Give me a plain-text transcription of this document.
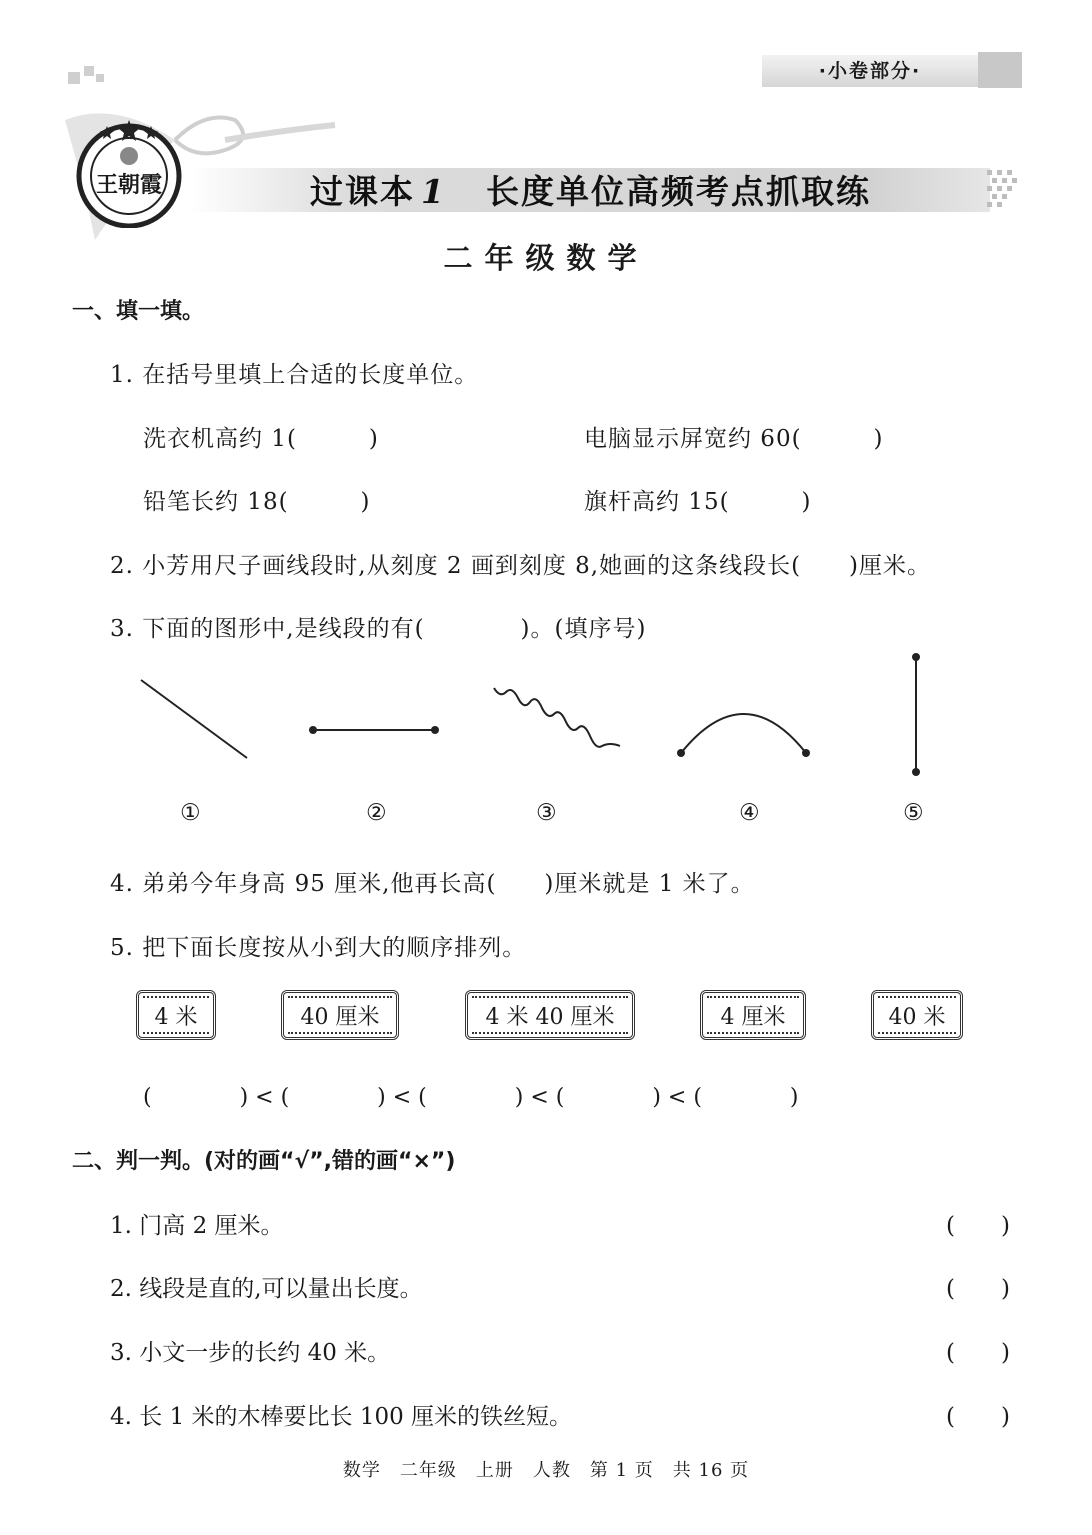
·小卷部分·
王朝霞	过课本 1 长度单位高频考点抓取练
二年级数学
一、填一填。
1. 在括号里填上合适的长度单位。
洗衣机高约 1(　　　)	电脑显示屏宽约 60(　　　)
铅笔长约 18(　　　)	旗杆高约 15(　　　)
2. 小芳用尺子画线段时,从刻度 2 画到刻度 8,她画的这条线段长(　　)厘米。
3. 下面的图形中,是线段的有(　　　　)。(填序号)
①	②	③	④	⑤
4. 弟弟今年身高 95 厘米,他再长高(　　)厘米就是 1 米了。
5. 把下面长度按从小到大的顺序排列。
4 米	40 厘米	4 米 40 厘米	4 厘米	40 米
(　　　　) < (　　　　) < (　　　　) < (　　　　) < (　　　　)
二、判一判。(对的画“√”,错的画“×”)
1. 门高 2 厘米。	(　　)
2. 线段是直的,可以量出长度。	(　　)
3. 小文一步的长约 40 米。	(　　)
4. 长 1 米的木棒要比长 100 厘米的铁丝短。	(　　)
数学　二年级　上册　人教　第 1 页　共 16 页
